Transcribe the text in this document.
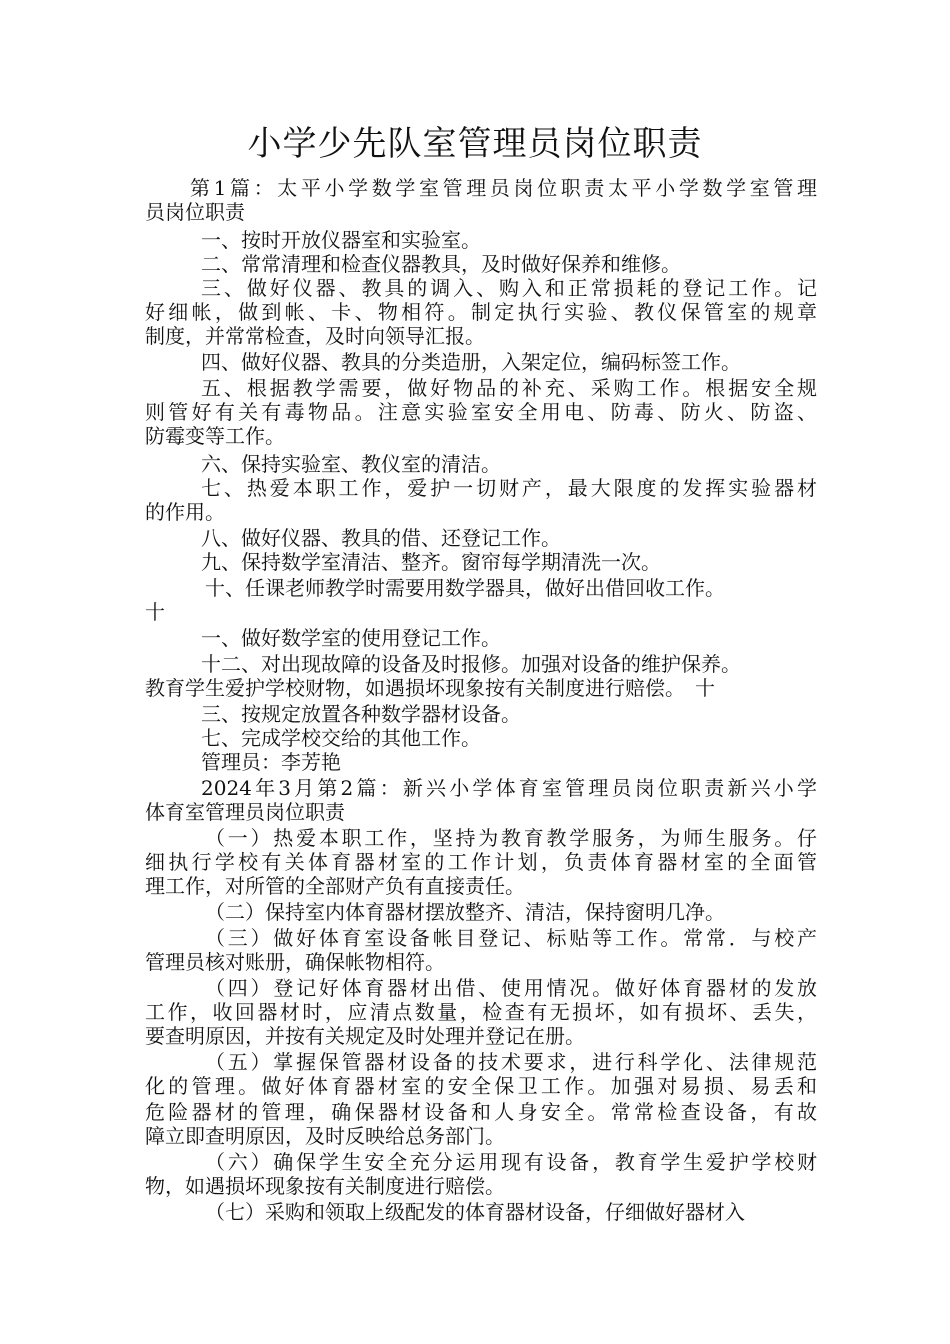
小学少先队室管理员岗位职责
第1篇：太平小学数学室管理员岗位职责太平小学数学室管理
员岗位职责
一、按时开放仪器室和实验室。
二、常常清理和检查仪器教具，及时做好保养和维修。
三、做好仪器、教具的调入、购入和正常损耗的登记工作。记
好细帐，做到帐、卡、物相符。制定执行实验、教仪保管室的规章
制度，并常常检查，及时向领导汇报。
四、做好仪器、教具的分类造册，入架定位，编码标签工作。
五、根据教学需要，做好物品的补充、采购工作。根据安全规
则管好有关有毒物品。注意实验室安全用电、防毒、防火、防盗、
防霉变等工作。
六、保持实验室、教仪室的清洁。
七、热爱本职工作，爱护一切财产，最大限度的发挥实验器材
的作用。
八、做好仪器、教具的借、还登记工作。
九、保持数学室清洁、整齐。窗帘每学期清洗一次。
十、任课老师教学时需要用数学器具，做好出借回收工作。
十
一、做好数学室的使用登记工作。
十二、对出现故障的设备及时报修。加强对设备的维护保养。
教育学生爱护学校财物，如遇损坏现象按有关制度进行赔偿。　十
三、按规定放置各种数学器材设备。
七、完成学校交给的其他工作。
管理员：李芳艳
2024年3月第2篇：新兴小学体育室管理员岗位职责新兴小学
体育室管理员岗位职责
（一）热爱本职工作，坚持为教育教学服务，为师生服务。仔
细执行学校有关体育器材室的工作计划，负责体育器材室的全面管
理工作，对所管的全部财产负有直接责任。
（二）保持室内体育器材摆放整齐、清洁，保持窗明几净。
（三）做好体育室设备帐目登记、标贴等工作。常常．与校产
管理员核对账册，确保帐物相符。
（四）登记好体育器材出借、使用情况。做好体育器材的发放
工作，收回器材时，应清点数量，检查有无损坏，如有损坏、丢失，
要查明原因，并按有关规定及时处理并登记在册。
（五）掌握保管器材设备的技术要求，进行科学化、法律规范
化的管理。做好体育器材室的安全保卫工作。加强对易损、易丢和
危险器材的管理，确保器材设备和人身安全。常常检查设备，有故
障立即查明原因，及时反映给总务部门。
（六）确保学生安全充分运用现有设备，教育学生爱护学校财
物，如遇损坏现象按有关制度进行赔偿。
（七）采购和领取上级配发的体育器材设备，仔细做好器材入
